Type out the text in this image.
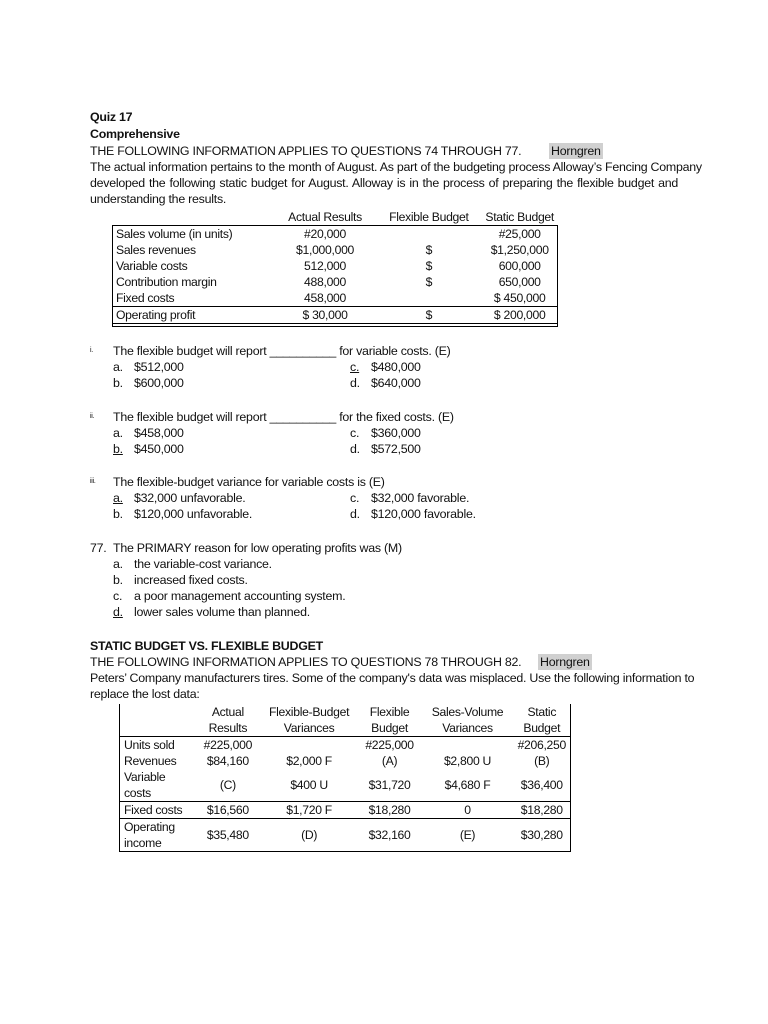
Quiz 17
Comprehensive
THE FOLLOWING INFORMATION APPLIES TO QUESTIONS 74 THROUGH 77. Horngren
The actual information pertains to the month of August. As part of the budgeting process Alloway’s Fencing Company
developed the following static budget for August. Alloway is in the process of preparing the flexible budget and
understanding the results.
	Actual Results	Flexible Budget	Static Budget
Sales volume (in units)	#20,000		#25,000
Sales revenues	$1,000,000	$	$1,250,000
Variable costs	512,000	$	600,000
Contribution margin	488,000	$	650,000
Fixed costs	458,000		$ 450,000
Operating profit	$ 30,000	$	$ 200,000
$^{i.}$ The flexible budget will report __________ for variable costs. (E)
a. $512,000
b. $600,000
c. $480,000
d. $640,000
$^{ii.}$ The flexible budget will report __________ for the fixed costs. (E)
a. $458,000
b. $450,000
c. $360,000
d. $572,500
$^{iii.}$ The flexible-budget variance for variable costs is (E)
a. $32,000 unfavorable.
b. $120,000 unfavorable.
c. $32,000 favorable.
d. $120,000 favorable.
77. The PRIMARY reason for low operating profits was (M)
a. the variable-cost variance.
b. increased fixed costs.
c. a poor management accounting system.
d. lower sales volume than planned.
STATIC BUDGET VS. FLEXIBLE BUDGET
THE FOLLOWING INFORMATION APPLIES TO QUESTIONS 78 THROUGH 82. Horngren
Peters’ Company manufacturers tires. Some of the company's data was misplaced. Use the following information to
replace the lost data:
	Actual	Flexible-Budget	Flexible	Sales-Volume	Static
	Results	Variances	Budget	Variances	Budget
Units sold	#225,000		#225,000		#206,250
Revenues	$84,160	$2,000 F	(A)	$2,800 U	(B)
Variable costs	(C)	$400 U	$31,720	$4,680 F	$36,400
Fixed costs	$16,560	$1,720 F	$18,280	0	$18,280
Operating income	$35,480	(D)	$32,160	(E)	$30,280
